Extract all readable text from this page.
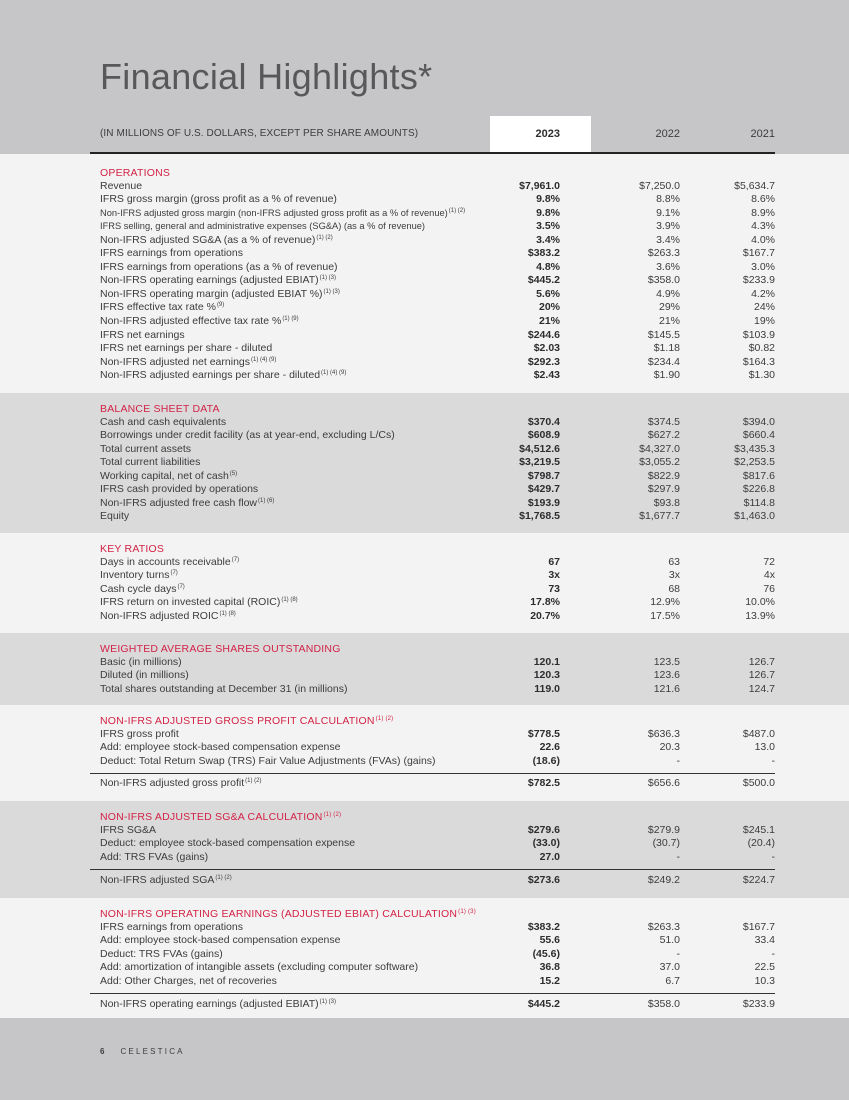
Financial Highlights*
(IN MILLIONS OF U.S. DOLLARS, EXCEPT PER SHARE AMOUNTS)	2023	2022	2021
OPERATIONS
Revenue	$7,961.0	$7,250.0	$5,634.7
IFRS gross margin (gross profit as a % of revenue)	9.8%	8.8%	8.6%
Non-IFRS adjusted gross margin (non-IFRS adjusted gross profit as a % of revenue)$^{(1) (2)}$	9.8%	9.1%	8.9%
IFRS selling, general and administrative expenses (SG&A) (as a % of revenue)	3.5%	3.9%	4.3%
Non-IFRS adjusted SG&A (as a % of revenue)$^{(1) (2)}$	3.4%	3.4%	4.0%
IFRS earnings from operations	$383.2	$263.3	$167.7
IFRS earnings from operations (as a % of revenue)	4.8%	3.6%	3.0%
Non-IFRS operating earnings (adjusted EBIAT)$^{(1) (3)}$	$445.2	$358.0	$233.9
Non-IFRS operating margin (adjusted EBIAT %)$^{(1) (3)}$	5.6%	4.9%	4.2%
IFRS effective tax rate %$^{(9)}$	20%	29%	24%
Non-IFRS adjusted effective tax rate %$^{(1) (9)}$	21%	21%	19%
IFRS net earnings	$244.6	$145.5	$103.9
IFRS net earnings per share - diluted	$2.03	$1.18	$0.82
Non-IFRS adjusted net earnings$^{(1) (4) (9)}$	$292.3	$234.4	$164.3
Non-IFRS adjusted earnings per share - diluted$^{(1) (4) (9)}$	$2.43	$1.90	$1.30
BALANCE SHEET DATA
Cash and cash equivalents	$370.4	$374.5	$394.0
Borrowings under credit facility (as at year-end, excluding L/Cs)	$608.9	$627.2	$660.4
Total current assets	$4,512.6	$4,327.0	$3,435.3
Total current liabilities	$3,219.5	$3,055.2	$2,253.5
Working capital, net of cash$^{(5)}$	$798.7	$822.9	$817.6
IFRS cash provided by operations	$429.7	$297.9	$226.8
Non-IFRS adjusted free cash flow$^{(1) (6)}$	$193.9	$93.8	$114.8
Equity	$1,768.5	$1,677.7	$1,463.0
KEY RATIOS
Days in accounts receivable$^{(7)}$	67	63	72
Inventory turns$^{(7)}$	3x	3x	4x
Cash cycle days$^{(7)}$	73	68	76
IFRS return on invested capital (ROIC)$^{(1) (8)}$	17.8%	12.9%	10.0%
Non-IFRS adjusted $ROIC^{(1) (8)}$	20.7%	17.5%	13.9%
WEIGHTED AVERAGE SHARES OUTSTANDING
Basic (in millions)	120.1	123.5	126.7
Diluted (in millions)	120.3	123.6	126.7
Total shares outstanding at December 31 (in millions)	119.0	121.6	124.7
NON-IFRS ADJUSTED GROSS PROFIT $CALCULATION^{(1) (2)}$
IFRS gross profit	$778.5	$636.3	$487.0
Add: employee stock-based compensation expense	22.6	20.3	13.0
Deduct: Total Return Swap (TRS) Fair Value Adjustments (FVAs) (gains)	(18.6)	-	-
Non-IFRS adjusted gross profit$^{(1) (2)}$	$782.5	$656.6	$500.0
NON-IFRS ADJUSTED SG&A $CALCULATION^{(1) (2)}$
IFRS SG&A	$279.6	$279.9	$245.1
Deduct: employee stock-based compensation expense	(33.0)	(30.7)	(20.4)
Add: TRS FVAs (gains)	27.0	-	-
Non-IFRS adjusted $SGA^{(1) (2)}$	$273.6	$249.2	$224.7
NON-IFRS OPERATING EARNINGS (ADJUSTED EBIAT) $CALCULATION^{(1) (3)}$
IFRS earnings from operations	$383.2	$263.3	$167.7
Add: employee stock-based compensation expense	55.6	51.0	33.4
Deduct: TRS FVAs (gains)	(45.6)	-	-
Add: amortization of intangible assets (excluding computer software)	36.8	37.0	22.5
Add: Other Charges, net of recoveries	15.2	6.7	10.3
Non-IFRS operating earnings (adjusted EBIAT)$^{(1) (3)}$	$445.2	$358.0	$233.9
6 CELESTICA
